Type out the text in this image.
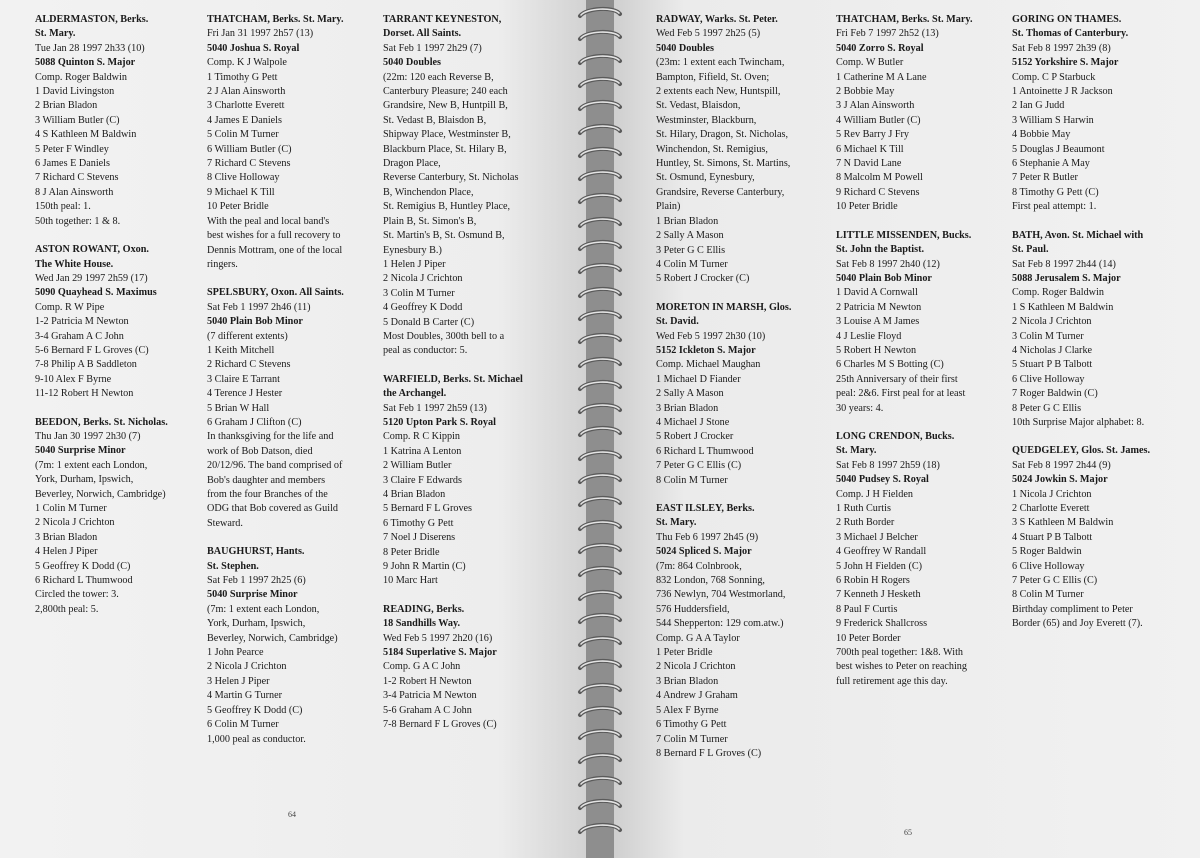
ALDERMASTON, Berks.
St. Mary.
Tue Jan 28 1997 2h33 (10)
5088 Quinton S. Major
Comp. Roger Baldwin
1 David Livingston
2 Brian Bladon
3 William Butler (C)
4 S Kathleen M Baldwin
5 Peter F Windley
6 James E Daniels
7 Richard C Stevens
8 J Alan Ainsworth
150th peal: 1.
50th together: 1 & 8.
ASTON ROWANT, Oxon.
The White House.
Wed Jan 29 1997 2h59 (17)
5090 Quayhead S. Maximus
Comp. R W Pipe
1-2 Patricia M Newton
3-4 Graham A C John
5-6 Bernard F L Groves (C)
7-8 Philip A B Saddleton
9-10 Alex F Byrne
11-12 Robert H Newton
BEEDON, Berks. St. Nicholas.
Thu Jan 30 1997 2h30 (7)
5040 Surprise Minor
(7m: 1 extent each London,
York, Durham, Ipswich,
Beverley, Norwich, Cambridge)
1 Colin M Turner
2 Nicola J Crichton
3 Brian Bladon
4 Helen J Piper
5 Geoffrey K Dodd (C)
6 Richard L Thumwood
Circled the tower: 3.
2,800th peal: 5.
THATCHAM, Berks. St. Mary.
Fri Jan 31 1997 2h57 (13)
5040 Joshua S. Royal
Comp. K J Walpole
1 Timothy G Pett
2 J Alan Ainsworth
3 Charlotte Everett
4 James E Daniels
5 Colin M Turner
6 William Butler (C)
7 Richard C Stevens
8 Clive Holloway
9 Michael K Till
10 Peter Bridle
With the peal and local band's
best wishes for a full recovery to
Dennis Mottram, one of the local
ringers.
SPELSBURY, Oxon. All Saints.
Sat Feb 1 1997 2h46 (11)
5040 Plain Bob Minor
(7 different extents)
1 Keith Mitchell
2 Richard C Stevens
3 Claire E Tarrant
4 Terence J Hester
5 Brian W Hall
6 Graham J Clifton (C)
In thanksgiving for the life and
work of Bob Datson, died
20/12/96. The band comprised of
Bob's daughter and members
from the four Branches of the
ODG that Bob covered as Guild
Steward.
BAUGHURST, Hants.
St. Stephen.
Sat Feb 1 1997 2h25 (6)
5040 Surprise Minor
(7m: 1 extent each London,
York, Durham, Ipswich,
Beverley, Norwich, Cambridge)
1 John Pearce
2 Nicola J Crichton
3 Helen J Piper
4 Martin G Turner
5 Geoffrey K Dodd (C)
6 Colin M Turner
1,000 peal as conductor.
TARRANT KEYNESTON,
Dorset. All Saints.
Sat Feb 1 1997 2h29 (7)
5040 Doubles
(22m: 120 each Reverse B,
Canterbury Pleasure; 240 each
Grandsire, New B, Huntpill B,
St. Vedast B, Blaisdon B,
Shipway Place, Westminster B,
Blackburn Place, St. Hilary B,
Dragon Place,
Reverse Canterbury, St. Nicholas
B, Winchendon Place,
St. Remigius B, Huntley Place,
Plain B, St. Simon's B,
St. Martin's B, St. Osmund B,
Eynesbury B.)
1 Helen J Piper
2 Nicola J Crichton
3 Colin M Turner
4 Geoffrey K Dodd
5 Donald B Carter (C)
Most Doubles, 300th bell to a
peal as conductor: 5.
WARFIELD, Berks. St. Michael
the Archangel.
Sat Feb 1 1997 2h59 (13)
5120 Upton Park S. Royal
Comp. R C Kippin
1 Katrina A Lenton
2 William Butler
3 Claire F Edwards
4 Brian Bladon
5 Bernard F L Groves
6 Timothy G Pett
7 Noel J Diserens
8 Peter Bridle
9 John R Martin (C)
10 Marc Hart
READING, Berks.
18 Sandhills Way.
Wed Feb 5 1997 2h20 (16)
5184 Superlative S. Major
Comp. G A C John
1-2 Robert H Newton
3-4 Patricia M Newton
5-6 Graham A C John
7-8 Bernard F L Groves (C)
64
RADWAY, Warks. St. Peter.
Wed Feb 5 1997 2h25 (5)
5040 Doubles
(23m: 1 extent each Twincham,
Bampton, Fifield, St. Oven;
2 extents each New, Huntspill,
St. Vedast, Blaisdon,
Westminster, Blackburn,
St. Hilary, Dragon, St. Nicholas,
Winchendon, St. Remigius,
Huntley, St. Simons, St. Martins,
St. Osmund, Eynesbury,
Grandsire, Reverse Canterbury,
Plain)
1 Brian Bladon
2 Sally A Mason
3 Peter G C Ellis
4 Colin M Turner
5 Robert J Crocker (C)
MORETON IN MARSH, Glos.
St. David.
Wed Feb 5 1997 2h30 (10)
5152 Ickleton S. Major
Comp. Michael Maughan
1 Michael D Fiander
2 Sally A Mason
3 Brian Bladon
4 Michael J Stone
5 Robert J Crocker
6 Richard L Thumwood
7 Peter G C Ellis (C)
8 Colin M Turner
EAST ILSLEY, Berks.
St. Mary.
Thu Feb 6 1997 2h45 (9)
5024 Spliced S. Major
(7m: 864 Colnbrook,
832 London, 768 Sonning,
736 Newlyn, 704 Westmorland,
576 Huddersfield,
544 Shepperton: 129 com.atw.)
Comp. G A A Taylor
1 Peter Bridle
2 Nicola J Crichton
3 Brian Bladon
4 Andrew J Graham
5 Alex F Byrne
6 Timothy G Pett
7 Colin M Turner
8 Bernard F L Groves (C)
THATCHAM, Berks. St. Mary.
Fri Feb 7 1997 2h52 (13)
5040 Zorro S. Royal
Comp. W Butler
1 Catherine M A Lane
2 Bobbie May
3 J Alan Ainsworth
4 William Butler (C)
5 Rev Barry J Fry
6 Michael K Till
7 N David Lane
8 Malcolm M Powell
9 Richard C Stevens
10 Peter Bridle
LITTLE MISSENDEN, Bucks.
St. John the Baptist.
Sat Feb 8 1997 2h40 (12)
5040 Plain Bob Minor
1 David A Cornwall
2 Patricia M Newton
3 Louise A M James
4 J Leslie Floyd
5 Robert H Newton
6 Charles M S Botting (C)
25th Anniversary of their first
peal: 2&6. First peal for at least
30 years: 4.
LONG CRENDON, Bucks.
St. Mary.
Sat Feb 8 1997 2h59 (18)
5040 Pudsey S. Royal
Comp. J H Fielden
1 Ruth Curtis
2 Ruth Border
3 Michael J Belcher
4 Geoffrey W Randall
5 John H Fielden (C)
6 Robin H Rogers
7 Kenneth J Hesketh
8 Paul F Curtis
9 Frederick Shallcross
10 Peter Border
700th peal together: 1&8. With
best wishes to Peter on reaching
full retirement age this day.
GORING ON THAMES.
St. Thomas of Canterbury.
Sat Feb 8 1997 2h39 (8)
5152 Yorkshire S. Major
Comp. C P Starbuck
1 Antoinette J R Jackson
2 Ian G Judd
3 William S Harwin
4 Bobbie May
5 Douglas J Beaumont
6 Stephanie A May
7 Peter R Butler
8 Timothy G Pett (C)
First peal attempt: 1.
BATH, Avon. St. Michael with
St. Paul.
Sat Feb 8 1997 2h44 (14)
5088 Jerusalem S. Major
Comp. Roger Baldwin
1 S Kathleen M Baldwin
2 Nicola J Crichton
3 Colin M Turner
4 Nicholas J Clarke
5 Stuart P B Talbott
6 Clive Holloway
7 Roger Baldwin (C)
8 Peter G C Ellis
10th Surprise Major alphabet: 8.
QUEDGELEY, Glos. St. James.
Sat Feb 8 1997 2h44 (9)
5024 Jowkin S. Major
1 Nicola J Crichton
2 Charlotte Everett
3 S Kathleen M Baldwin
4 Stuart P B Talbott
5 Roger Baldwin
6 Clive Holloway
7 Peter G C Ellis (C)
8 Colin M Turner
Birthday compliment to Peter
Border (65) and Joy Everett (7).
65
